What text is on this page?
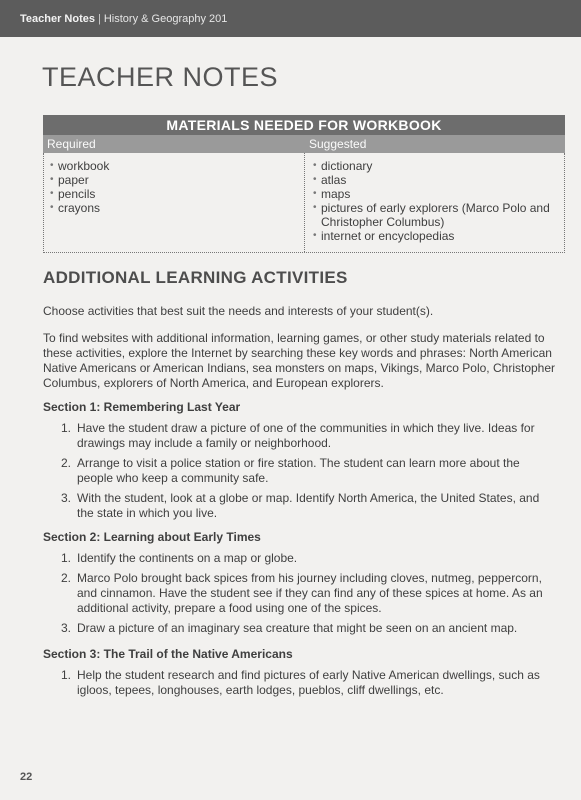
Teacher Notes | History & Geography 201
TEACHER NOTES
MATERIALS NEEDED FOR WORKBOOK
Required	Suggested
• workbook
• paper
• pencils
• crayons
• dictionary
• atlas
• maps
• pictures of early explorers (Marco Polo and Christopher Columbus)
• internet or encyclopedias
ADDITIONAL LEARNING ACTIVITIES

Choose activities that best suit the needs and interests of your student(s).

To find websites with additional information, learning games, or other study materials related to these activities, explore the Internet by searching these key words and phrases: North American Native Americans or American Indians, sea monsters on maps, Vikings, Marco Polo, Christopher Columbus, explorers of North America, and European explorers.

Section 1: Remembering Last Year
1. Have the student draw a picture of one of the communities in which they live. Ideas for drawings may include a family or neighborhood.
2. Arrange to visit a police station or fire station. The student can learn more about the people who keep a community safe.
3. With the student, look at a globe or map. Identify North America, the United States, and the state in which you live.
Section 2: Learning about Early Times
1. Identify the continents on a map or globe.
2. Marco Polo brought back spices from his journey including cloves, nutmeg, peppercorn, and cinnamon. Have the student see if they can find any of these spices at home. As an additional activity, prepare a food using one of the spices.
3. Draw a picture of an imaginary sea creature that might be seen on an ancient map.
Section 3: The Trail of the Native Americans
1. Help the student research and find pictures of early Native American dwellings, such as igloos, tepees, longhouses, earth lodges, pueblos, cliff dwellings, etc.
22
